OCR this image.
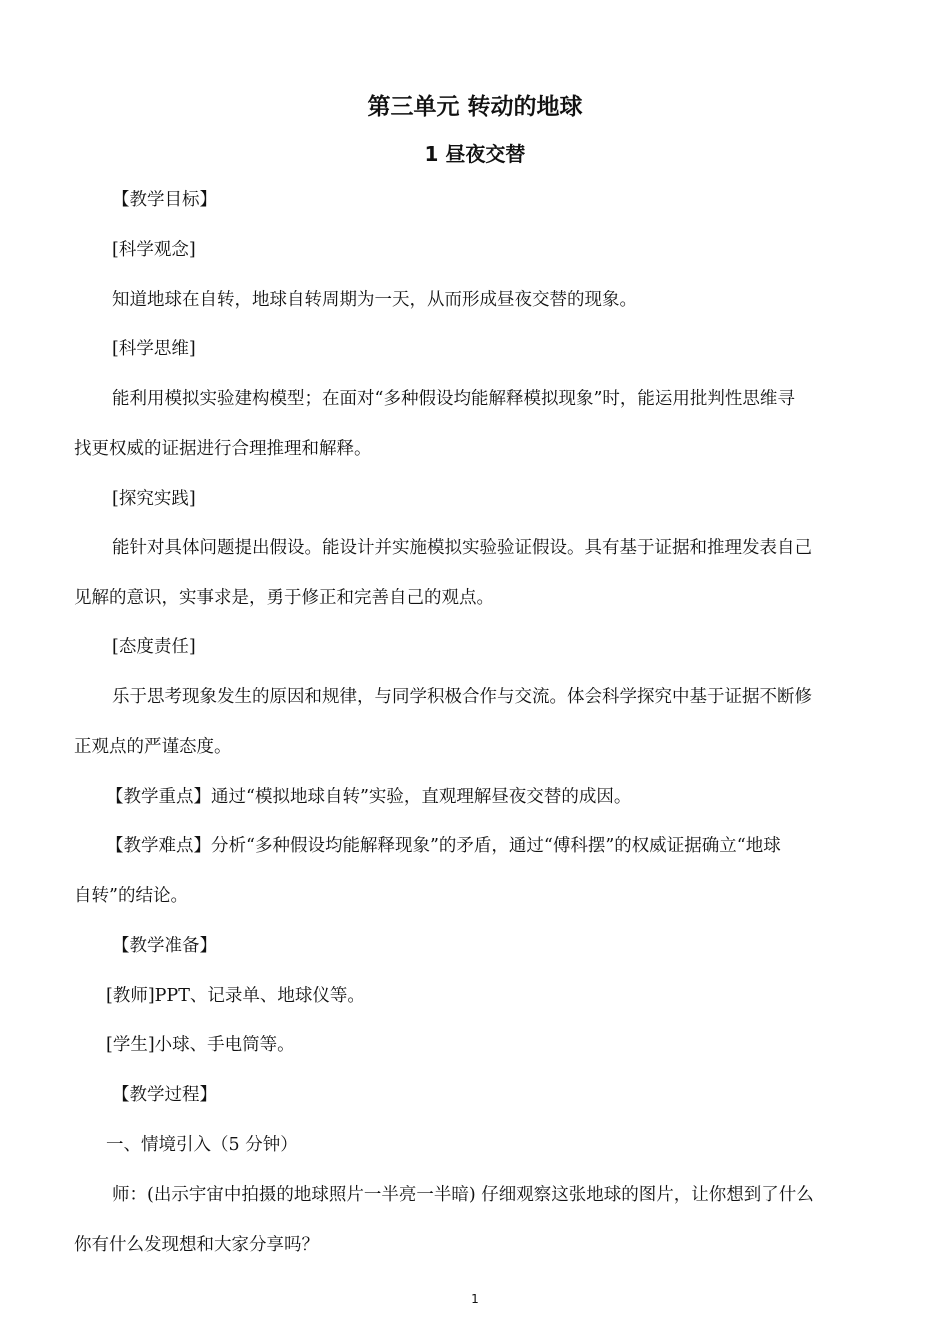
第三单元 转动的地球
1 昼夜交替
【教学目标】
[科学观念]
知道地球在自转，地球自转周期为一天，从而形成昼夜交替的现象。
[科学思维]
能利用模拟实验建构模型；在面对“多种假设均能解释模拟现象”时，能运用批判性思维寻
找更权威的证据进行合理推理和解释。
[探究实践]
能针对具体问题提出假设。能设计并实施模拟实验验证假设。具有基于证据和推理发表自己
见解的意识，实事求是，勇于修正和完善自己的观点。
[态度责任]
乐于思考现象发生的原因和规律，与同学积极合作与交流。体会科学探究中基于证据不断修
正观点的严谨态度。
【教学重点】通过“模拟地球自转”实验，直观理解昼夜交替的成因。
【教学难点】分析“多种假设均能解释现象”的矛盾，通过“傅科摆”的权威证据确立“地球
自转”的结论。
【教学准备】
[教师]PPT、记录单、地球仪等。
[学生]小球、手电筒等。
【教学过程】
一、情境引入（5 分钟）
师：(出示宇宙中拍摄的地球照片一半亮一半暗) 仔细观察这张地球的图片，让你想到了什么
你有什么发现想和大家分享吗？
1
